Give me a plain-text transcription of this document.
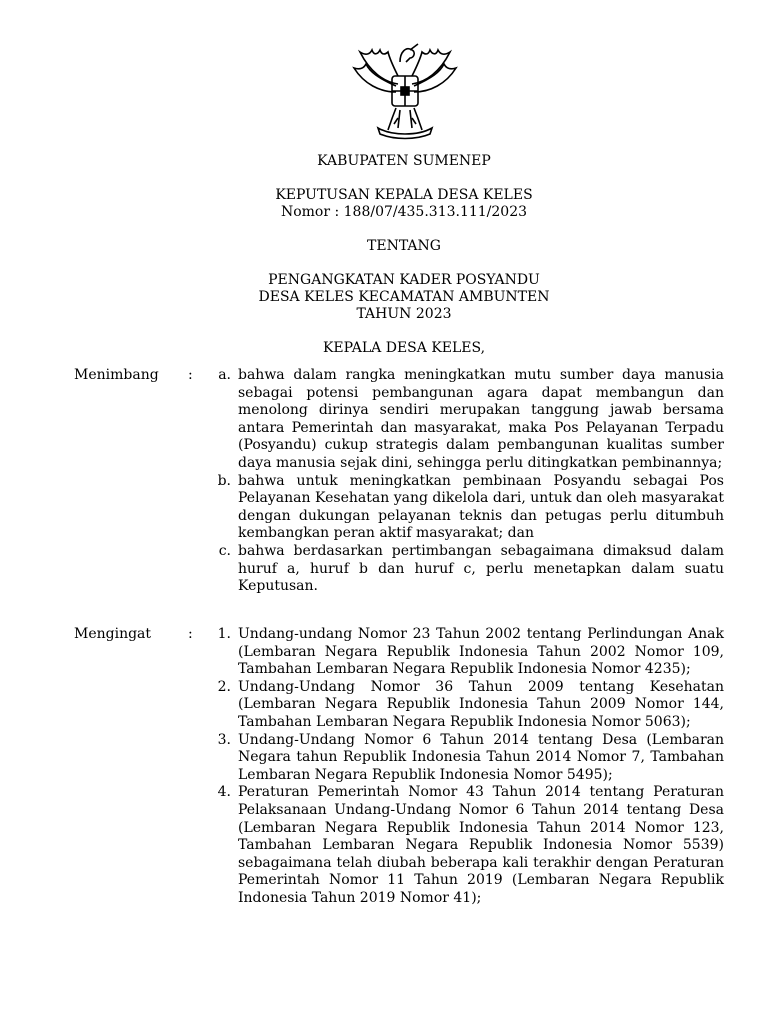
KABUPATEN SUMENEP
KEPUTUSAN KEPALA DESA KELES
Nomor : 188/07/435.313.111/2023
TENTANG
PENGANGKATAN KADER POSYANDU
DESA KELES KECAMATAN AMBUNTEN
TAHUN 2023
KEPALA DESA KELES,
Menimbang :	a. bahwa dalam rangka meningkatkan mutu sumber daya manusia sebagai potensi pembangunan agara dapat membangun dan menolong dirinya sendiri merupakan tanggung jawab bersama antara Pemerintah dan masyarakat, maka Pos Pelayanan Terpadu (Posyandu) cukup strategis dalam pembangunan kualitas sumber daya manusia sejak dini, sehingga perlu ditingkatkan pembinannya;
b. bahwa untuk meningkatkan pembinaan Posyandu sebagai Pos Pelayanan Kesehatan yang dikelola dari, untuk dan oleh masyarakat dengan dukungan pelayanan teknis dan petugas perlu ditumbuh kembangkan peran aktif masyarakat; dan
c. bahwa berdasarkan pertimbangan sebagaimana dimaksud dalam huruf a, huruf b dan huruf c, perlu menetapkan dalam suatu Keputusan.
Mengingat	:	1. Undang-undang Nomor 23 Tahun 2002 tentang Perlindungan Anak (Lembaran Negara Republik Indonesia Tahun 2002 Nomor 109, Tambahan Lembaran Negara Republik Indonesia Nomor 4235);
2. Undang-Undang Nomor 36 Tahun 2009 tentang Kesehatan (Lembaran Negara Republik Indonesia Tahun 2009 Nomor 144, Tambahan Lembaran Negara Republik Indonesia Nomor 5063);
3. Undang-Undang Nomor 6 Tahun 2014 tentang Desa (Lembaran Negara tahun Republik Indonesia Tahun 2014 Nomor 7, Tambahan Lembaran Negara Republik Indonesia Nomor 5495);
4. Peraturan Pemerintah Nomor 43 Tahun 2014 tentang Peraturan Pelaksanaan Undang-Undang Nomor 6 Tahun 2014 tentang Desa (Lembaran Negara Republik Indonesia Tahun 2014 Nomor 123, Tambahan Lembaran Negara Republik Indonesia Nomor 5539) sebagaimana telah diubah beberapa kali terakhir dengan Peraturan Pemerintah Nomor 11 Tahun 2019 (Lembaran Negara Republik Indonesia Tahun 2019 Nomor 41);
